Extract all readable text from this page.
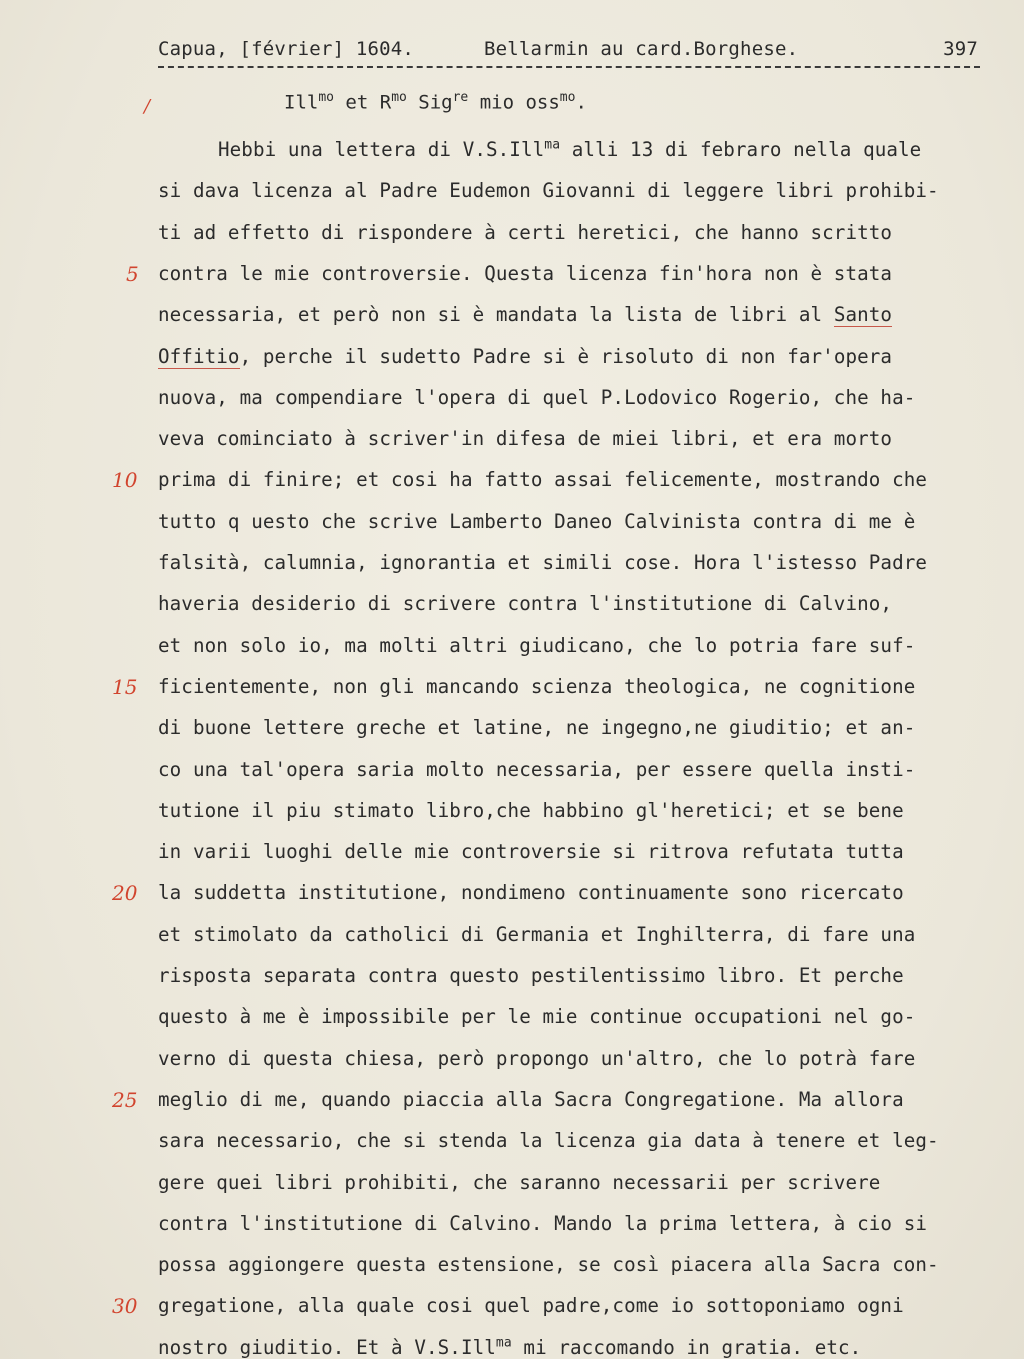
Capua, [février] 1604.	Bellarmin au card.Borghese.	397
/	Ill$^{mo}$ et $R^{mo}$ Sig$^{re}$ mio oss$^{mo}$.
Hebbi una lettera di V.S.Ill$^{ma}$ alli 13 di febraro nella quale
si dava licenza al Padre Eudemon Giovanni di leggere libri prohibi-
ti ad effetto di rispondere à certi heretici, che hanno scritto
contra le mie controversie. Questa licenza fin'hora non è stata
necessaria, et però non si è mandata la lista de libri al Santo
Offitio, perche il sudetto Padre si è risoluto di non far'opera
nuova, ma compendiare l'opera di quel P.Lodovico Rogerio, che ha-
veva cominciato à scriver'in difesa de miei libri, et era morto
prima di finire; et cosi ha fatto assai felicemente, mostrando che
tutto q uesto che scrive Lamberto Daneo Calvinista contra di me è
falsità, calumnia, ignorantia et simili cose. Hora l'istesso Padre
haveria desiderio di scrivere contra l'institutione di Calvino,
et non solo io, ma molti altri giudicano, che lo potria fare suf-
ficientemente, non gli mancando scienza theologica, ne cognitione
di buone lettere greche et latine, ne ingegno,ne giuditio; et an-
co una tal'opera saria molto necessaria, per essere quella insti-
tutione il piu stimato libro,che habbino gl'heretici; et se bene
in varii luoghi delle mie controversie si ritrova refutata tutta
la suddetta institutione, nondimeno continuamente sono ricercato
et stimolato da catholici di Germania et Inghilterra, di fare una
risposta separata contra questo pestilentissimo libro. Et perche
questo à me è impossibile per le mie continue occupationi nel go-
verno di questa chiesa, però propongo un'altro, che lo potrà fare
meglio di me, quando piaccia alla Sacra Congregatione. Ma allora
sara necessario, che si stenda la licenza gia data à tenere et leg-
gere quei libri prohibiti, che saranno necessarii per scrivere
contra l'institutione di Calvino. Mando la prima lettera, à cio si
possa aggiongere questa estensione, se così piacera alla Sacra con-
gregatione, alla quale cosi quel padre,come io sottoponiamo ogni
nostro giuditio. Et à V.S.Ill$^{ma}$ mi raccomando in gratia. etc.
5
10
15
20
25
30
